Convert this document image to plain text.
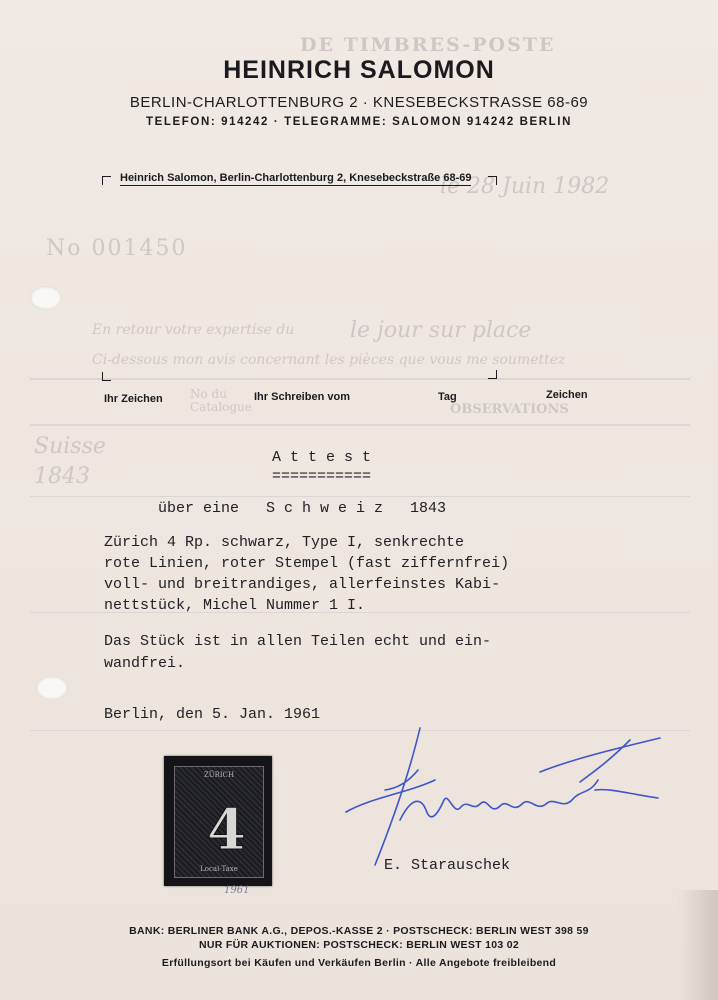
DE TIMBRES-POSTE
le 28 Juin 1982
No 001450
En retour votre expertise du	le jour sur place
Ci-dessous mon avis concernant les pièces que vous me soumettez
No du Catalogue	OBSERVATIONS
Suisse 1843
HEINRICH SALOMON
BERLIN-CHARLOTTENBURG 2 · KNESEBECKSTRASSE 68-69
TELEFON: 914242 · TELEGRAMME: SALOMON 914242 BERLIN
Heinrich Salomon, Berlin-Charlottenburg 2, Knesebeckstraße 68-69
Ihr Zeichen	Ihr Schreiben vom	Tag	Zeichen
A t t e s t
===========
über eine   S c h w e i z   1843
Zürich 4 Rp. schwarz, Type I, senkrechte
rote Linien, roter Stempel (fast ziffernfrei)
voll- und breitrandiges, allerfeinstes Kabi-
nettstück, Michel Nummer 1 I.
Das Stück ist in allen Teilen echt und ein-
wandfrei.
Berlin, den 5. Jan. 1961
ZÜRICH
4
Local-Taxe
1961
E. Starauschek
BANK: BERLINER BANK A.G., DEPOS.-KASSE 2 · POSTSCHECK: BERLIN WEST 398 59
NUR FÜR AUKTIONEN: POSTSCHECK: BERLIN WEST 103 02
Erfüllungsort bei Käufen und Verkäufen Berlin · Alle Angebote freibleibend
